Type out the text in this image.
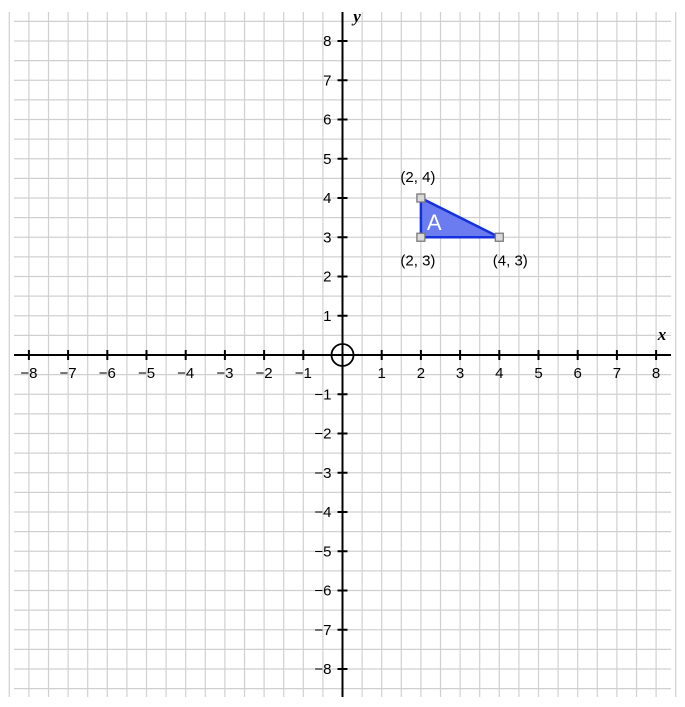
x
y
−8 −7 −6 −5 −4 −3 −2 −1	1 2 3 4 5 6 7 8
−8
−7
−6
−5
−4
−3
−2
−1
1
2
3
4
5
6
7
8
A
(2, 4)
(4, 3)
(2, 3)
